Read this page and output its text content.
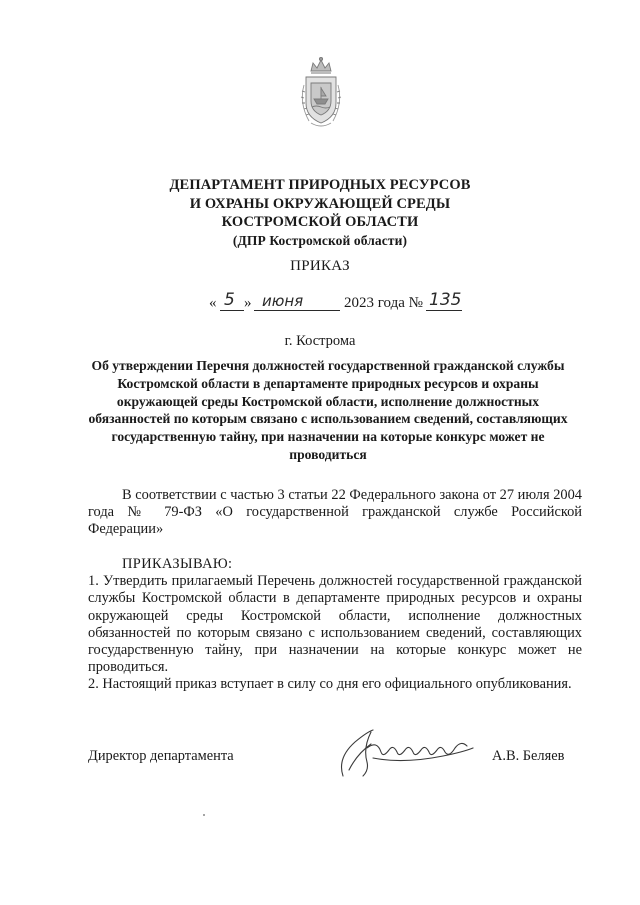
ДЕПАРТАМЕНТ ПРИРОДНЫХ РЕСУРСОВ
И ОХРАНЫ ОКРУЖАЮЩЕЙ СРЕДЫ
КОСТРОМСКОЙ ОБЛАСТИ
(ДПР Костромской области)
ПРИКАЗ
« 5 » июня	2023 года № 135
г. Кострома
Об утверждении Перечня должностей государственной гражданской службы Костромской области в департаменте природных ресурсов и охраны окружающей среды Костромской области, исполнение должностных обязанностей по которым связано с использованием сведений, составляющих государственную тайну, при назначении на которые конкурс может не проводиться
В соответствии с частью 3 статьи 22 Федерального закона от 27 июля 2004 года № 79-ФЗ «О государственной гражданской службе Российской Федерации»
ПРИКАЗЫВАЮ:
1. Утвердить прилагаемый Перечень должностей государственной гражданской службы Костромской области в департаменте природных ресурсов и охраны окружающей среды Костромской области, исполнение должностных обязанностей по которым связано с использованием сведений, составляющих государственную тайну, при назначении на которые конкурс может не проводиться.
2. Настоящий приказ вступает в силу со дня его официального опубликования.
Директор департамента	А.В. Беляев
